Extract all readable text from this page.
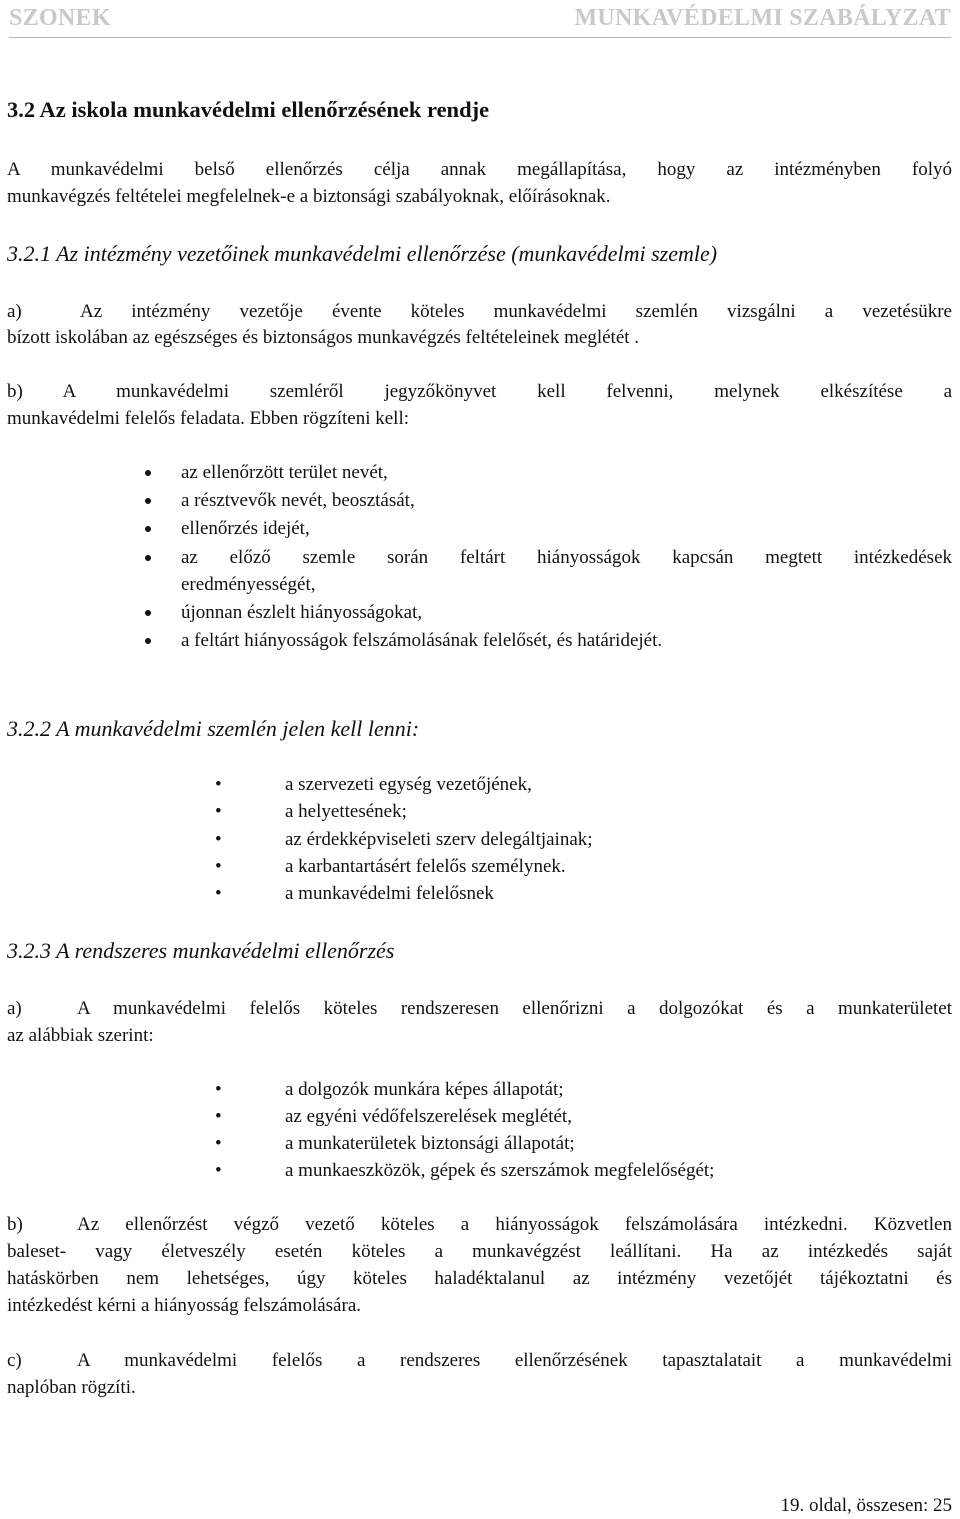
SZONEK	MUNKAVÉDELMI SZABÁLYZAT
3.2 Az iskola munkavédelmi ellenőrzésének rendje
A munkavédelmi belső ellenőrzés célja annak megállapítása, hogy az intézményben folyó
munkavégzés feltételei megfelelnek-e a biztonsági szabályoknak, előírásoknak.
3.2.1 Az intézmény vezetőinek munkavédelmi ellenőrzése (munkavédelmi szemle)
a)	Az intézmény vezetője évente köteles munkavédelmi szemlén vizsgálni a vezetésükre
bízott iskolában az egészséges és biztonságos munkavégzés feltételeinek meglétét .
b) A munkavédelmi szemléről jegyzőkönyvet kell felvenni, melynek elkészítése a
munkavédelmi felelős feladata. Ebben rögzíteni kell:
az ellenőrzött terület nevét,
a résztvevők nevét, beosztását,
ellenőrzés idejét,
az előző szemle során feltárt hiányosságok kapcsán megtett intézkedések
eredményességét,
újonnan észlelt hiányosságokat,
a feltárt hiányosságok felszámolásának felelősét, és határidejét.
3.2.2 A munkavédelmi szemlén jelen kell lenni:
•	a szervezeti egység vezetőjének,
•	a helyettesének;
•	az érdekképviseleti szerv delegáltjainak;
•	a karbantartásért felelős személynek.
•	a munkavédelmi felelősnek
3.2.3 A rendszeres munkavédelmi ellenőrzés
a)	A munkavédelmi felelős köteles rendszeresen ellenőrizni a dolgozókat és a munkaterületet
az alábbiak szerint:
•	a dolgozók munkára képes állapotát;
•	az egyéni védőfelszerelések meglétét,
•	a munkaterületek biztonsági állapotát;
•	a munkaeszközök, gépek és szerszámok megfelelőségét;
b)	Az ellenőrzést végző vezető köteles a hiányosságok felszámolására intézkedni. Közvetlen
baleset- vagy életveszély esetén köteles a munkavégzést leállítani. Ha az intézkedés saját
hatáskörben nem lehetséges, úgy köteles haladéktalanul az intézmény vezetőjét tájékoztatni és
intézkedést kérni a hiányosság felszámolására.
c)	A munkavédelmi felelős a rendszeres ellenőrzésének tapasztalatait a munkavédelmi
naplóban rögzíti.
19. oldal, összesen: 25
